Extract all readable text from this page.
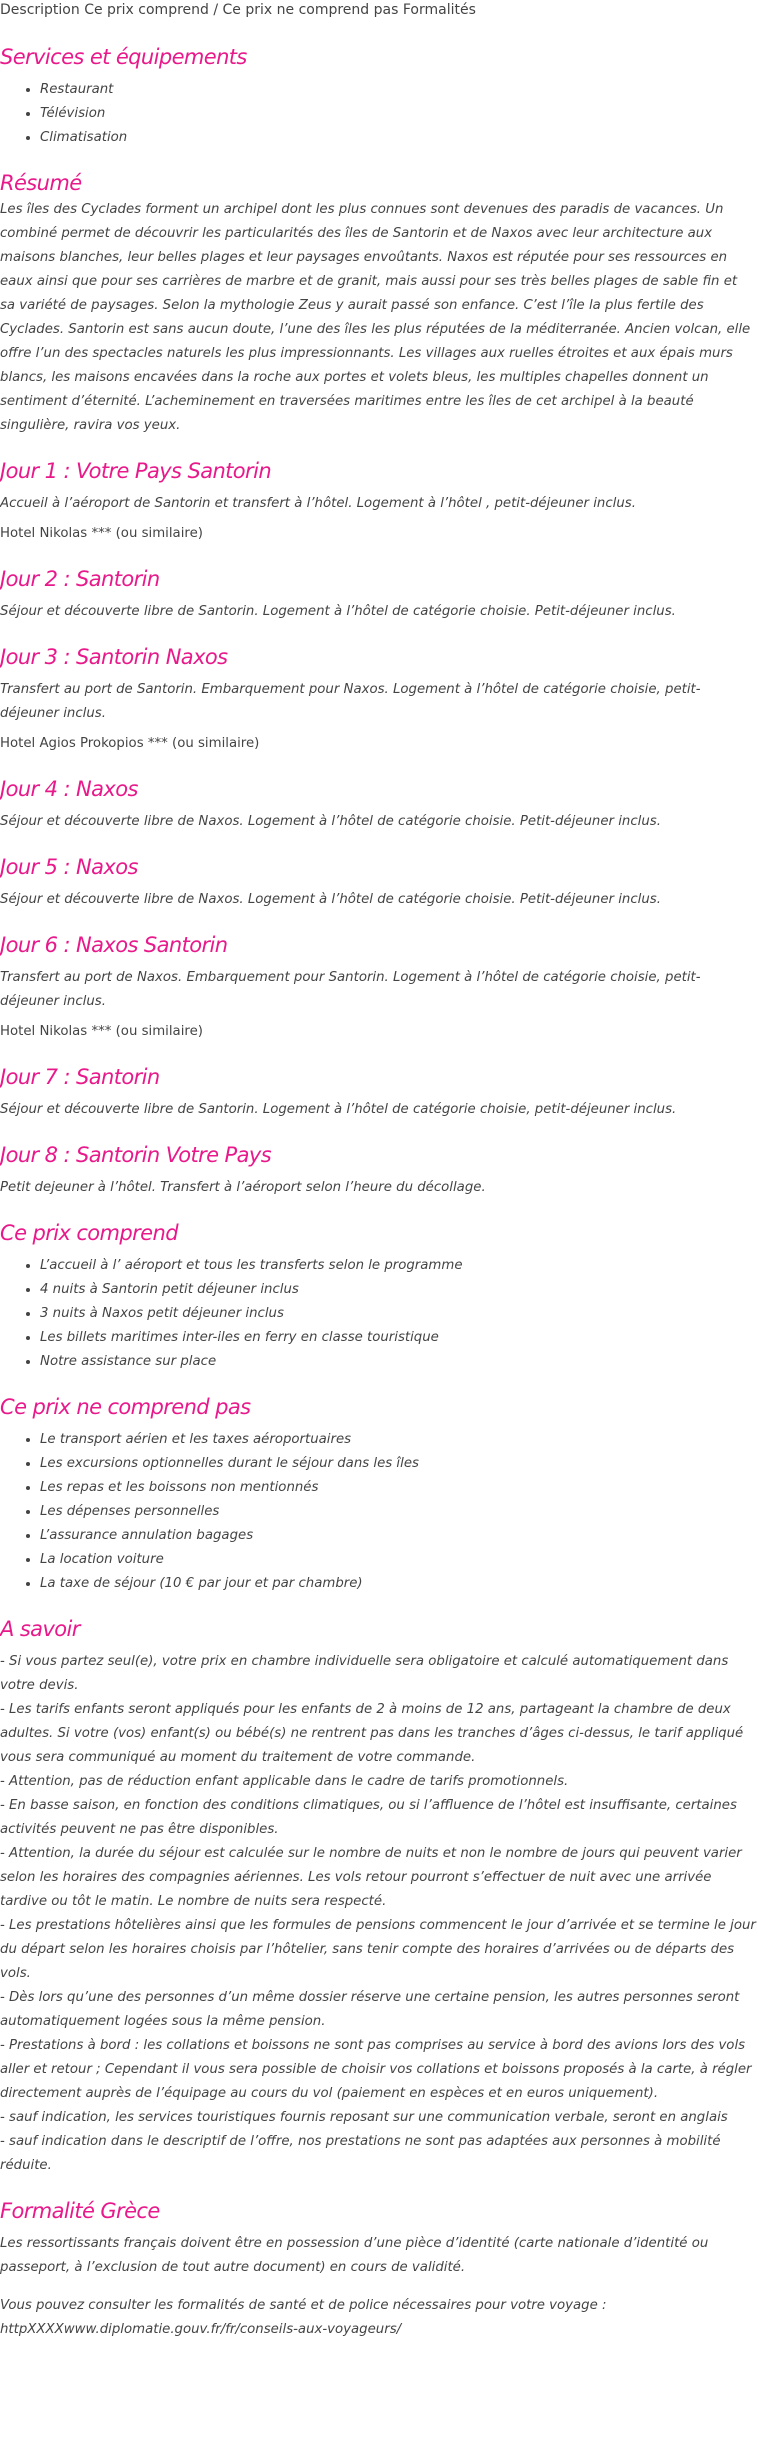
Description Ce prix comprend / Ce prix ne comprend pas Formalités
Services et équipements
• Restaurant
• Télévision
• Climatisation
Résumé

Les îles des Cyclades forment un archipel dont les plus connues sont devenues des paradis de vacances. Un combiné permet de découvrir les particularités des îles de Santorin et de Naxos avec leur architecture aux maisons blanches, leur belles plages et leur paysages envoûtants. Naxos est réputée pour ses ressources en eaux ainsi que pour ses carrières de marbre et de granit, mais aussi pour ses très belles plages de sable fin et sa variété de paysages. Selon la mythologie Zeus y aurait passé son enfance. C’est l’île la plus fertile des Cyclades. Santorin est sans aucun doute, l’une des îles les plus réputées de la méditerranée. Ancien volcan, elle offre l’un des spectacles naturels les plus impressionnants. Les villages aux ruelles étroites et aux épais murs blancs, les maisons encavées dans la roche aux portes et volets bleus, les multiples chapelles donnent un sentiment d’éternité. L’acheminement en traversées maritimes entre les îles de cet archipel à la beauté singulière, ravira vos yeux.

Jour 1 : Votre Pays Santorin

Accueil à l’aéroport de Santorin et transfert à l’hôtel. Logement à l’hôtel , petit-déjeuner inclus.

Hotel Nikolas *** (ou similaire)

Jour 2 : Santorin

Séjour et découverte libre de Santorin. Logement à l’hôtel de catégorie choisie. Petit-déjeuner inclus.

Jour 3 : Santorin Naxos

Transfert au port de Santorin. Embarquement pour Naxos. Logement à l’hôtel de catégorie choisie, petit-déjeuner inclus.

Hotel Agios Prokopios *** (ou similaire)

Jour 4 : Naxos

Séjour et découverte libre de Naxos. Logement à l’hôtel de catégorie choisie. Petit-déjeuner inclus.

Jour 5 : Naxos

Séjour et découverte libre de Naxos. Logement à l’hôtel de catégorie choisie. Petit-déjeuner inclus.

Jour 6 : Naxos Santorin

Transfert au port de Naxos. Embarquement pour Santorin. Logement à l’hôtel de catégorie choisie, petit-déjeuner inclus.

Hotel Nikolas *** (ou similaire)

Jour 7 : Santorin

Séjour et découverte libre de Santorin. Logement à l’hôtel de catégorie choisie, petit-déjeuner inclus.

Jour 8 : Santorin Votre Pays

Petit dejeuner à l’hôtel. Transfert à l’aéroport selon l’heure du décollage.

Ce prix comprend
• L’accueil à l’ aéroport et tous les transferts selon le programme
• 4 nuits à Santorin petit déjeuner inclus
• 3 nuits à Naxos petit déjeuner inclus
• Les billets maritimes inter-iles en ferry en classe touristique
• Notre assistance sur place
Ce prix ne comprend pas
• Le transport aérien et les taxes aéroportuaires
• Les excursions optionnelles durant le séjour dans les îles
• Les repas et les boissons non mentionnés
• Les dépenses personnelles
• L’assurance annulation bagages
• La location voiture
• La taxe de séjour (10 € par jour et par chambre)
A savoir

- Si vous partez seul(e), votre prix en chambre individuelle sera obligatoire et calculé automatiquement dans votre devis.

- Les tarifs enfants seront appliqués pour les enfants de 2 à moins de 12 ans, partageant la chambre de deux adultes. Si votre (vos) enfant(s) ou bébé(s) ne rentrent pas dans les tranches d’âges ci-dessus, le tarif appliqué vous sera communiqué au moment du traitement de votre commande.

- Attention, pas de réduction enfant applicable dans le cadre de tarifs promotionnels.

- En basse saison, en fonction des conditions climatiques, ou si l’affluence de l’hôtel est insuffisante, certaines activités peuvent ne pas être disponibles.

- Attention, la durée du séjour est calculée sur le nombre de nuits et non le nombre de jours qui peuvent varier selon les horaires des compagnies aériennes. Les vols retour pourront s’effectuer de nuit avec une arrivée tardive ou tôt le matin. Le nombre de nuits sera respecté.

- Les prestations hôtelières ainsi que les formules de pensions commencent le jour d’arrivée et se termine le jour du départ selon les horaires choisis par l’hôtelier, sans tenir compte des horaires d’arrivées ou de départs des vols.

- Dès lors qu’une des personnes d’un même dossier réserve une certaine pension, les autres personnes seront automatiquement logées sous la même pension.

- Prestations à bord : les collations et boissons ne sont pas comprises au service à bord des avions lors des vols aller et retour ; Cependant il vous sera possible de choisir vos collations et boissons proposés à la carte, à régler directement auprès de l’équipage au cours du vol (paiement en espèces et en euros uniquement).

- sauf indication, les services touristiques fournis reposant sur une communication verbale, seront en anglais

- sauf indication dans le descriptif de l’offre, nos prestations ne sont pas adaptées aux personnes à mobilité réduite.

Formalité Grèce

Les ressortissants français doivent être en possession d’une pièce d’identité (carte nationale d’identité ou passeport, à l’exclusion de tout autre document) en cours de validité.

Vous pouvez consulter les formalités de santé et de police nécessaires pour votre voyage : httpXXXXwww.diplomatie.gouv.fr/fr/conseils-aux-voyageurs/
